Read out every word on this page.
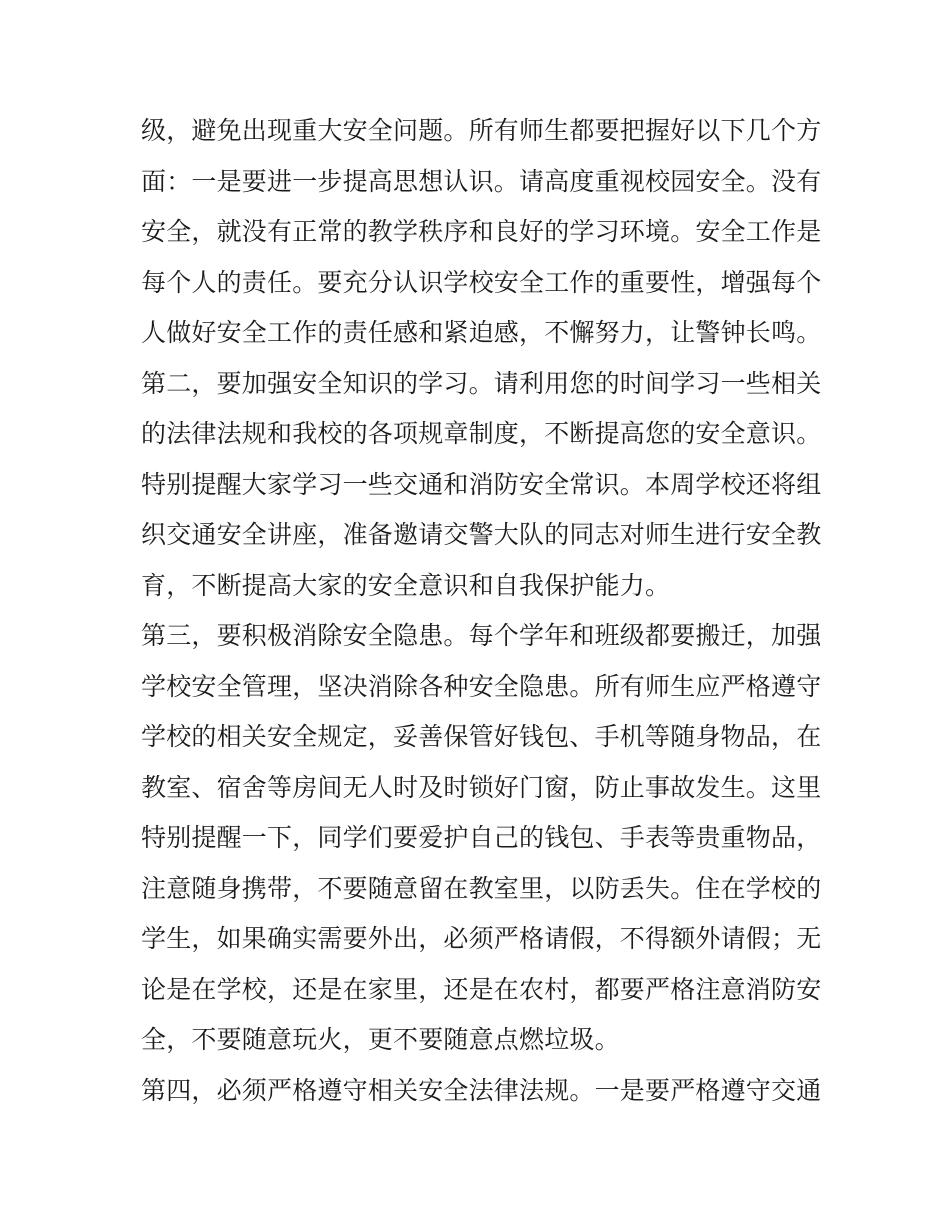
级，避免出现重大安全问题。所有师生都要把握好以下几个方
面：一是要进一步提高思想认识。请高度重视校园安全。没有
安全，就没有正常的教学秩序和良好的学习环境。安全工作是
每个人的责任。要充分认识学校安全工作的重要性，增强每个
人做好安全工作的责任感和紧迫感，不懈努力，让警钟长鸣。
第二，要加强安全知识的学习。请利用您的时间学习一些相关
的法律法规和我校的各项规章制度，不断提高您的安全意识。
特别提醒大家学习一些交通和消防安全常识。本周学校还将组
织交通安全讲座，准备邀请交警大队的同志对师生进行安全教
育，不断提高大家的安全意识和自我保护能力。
第三，要积极消除安全隐患。每个学年和班级都要搬迁，加强
学校安全管理，坚决消除各种安全隐患。所有师生应严格遵守
学校的相关安全规定，妥善保管好钱包、手机等随身物品，在
教室、宿舍等房间无人时及时锁好门窗，防止事故发生。这里
特别提醒一下，同学们要爱护自己的钱包、手表等贵重物品，
注意随身携带，不要随意留在教室里，以防丢失。住在学校的
学生，如果确实需要外出，必须严格请假，不得额外请假；无
论是在学校，还是在家里，还是在农村，都要严格注意消防安
全，不要随意玩火，更不要随意点燃垃圾。
第四，必须严格遵守相关安全法律法规。一是要严格遵守交通
